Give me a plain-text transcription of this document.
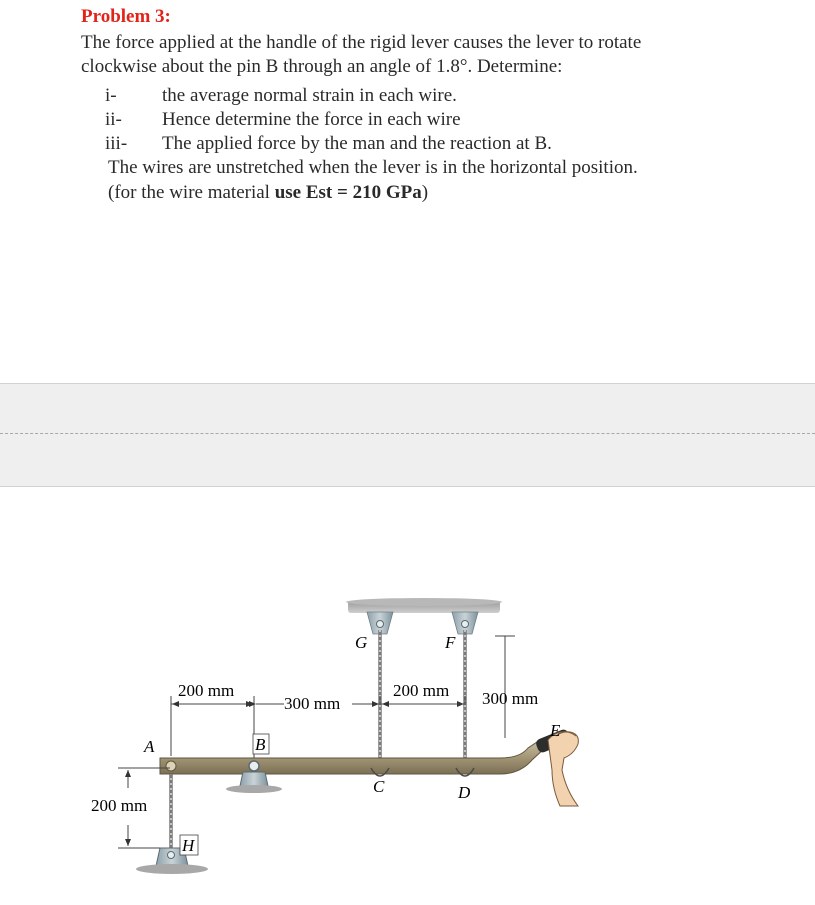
Problem 3:
The force applied at the handle of the rigid lever causes the lever to rotate
clockwise about the pin B through an angle of 1.8°. Determine:
i- the average normal strain in each wire.
ii- Hence determine the force in each wire
iii- The applied force by the man and the reaction at B.
The wires are unstretched when the lever is in the horizontal position.
(for the wire material use Est = 210 GPa)
G	F
A	B
C	D
E
H
200 mm
300 mm
200 mm 300 mm
200 mm
